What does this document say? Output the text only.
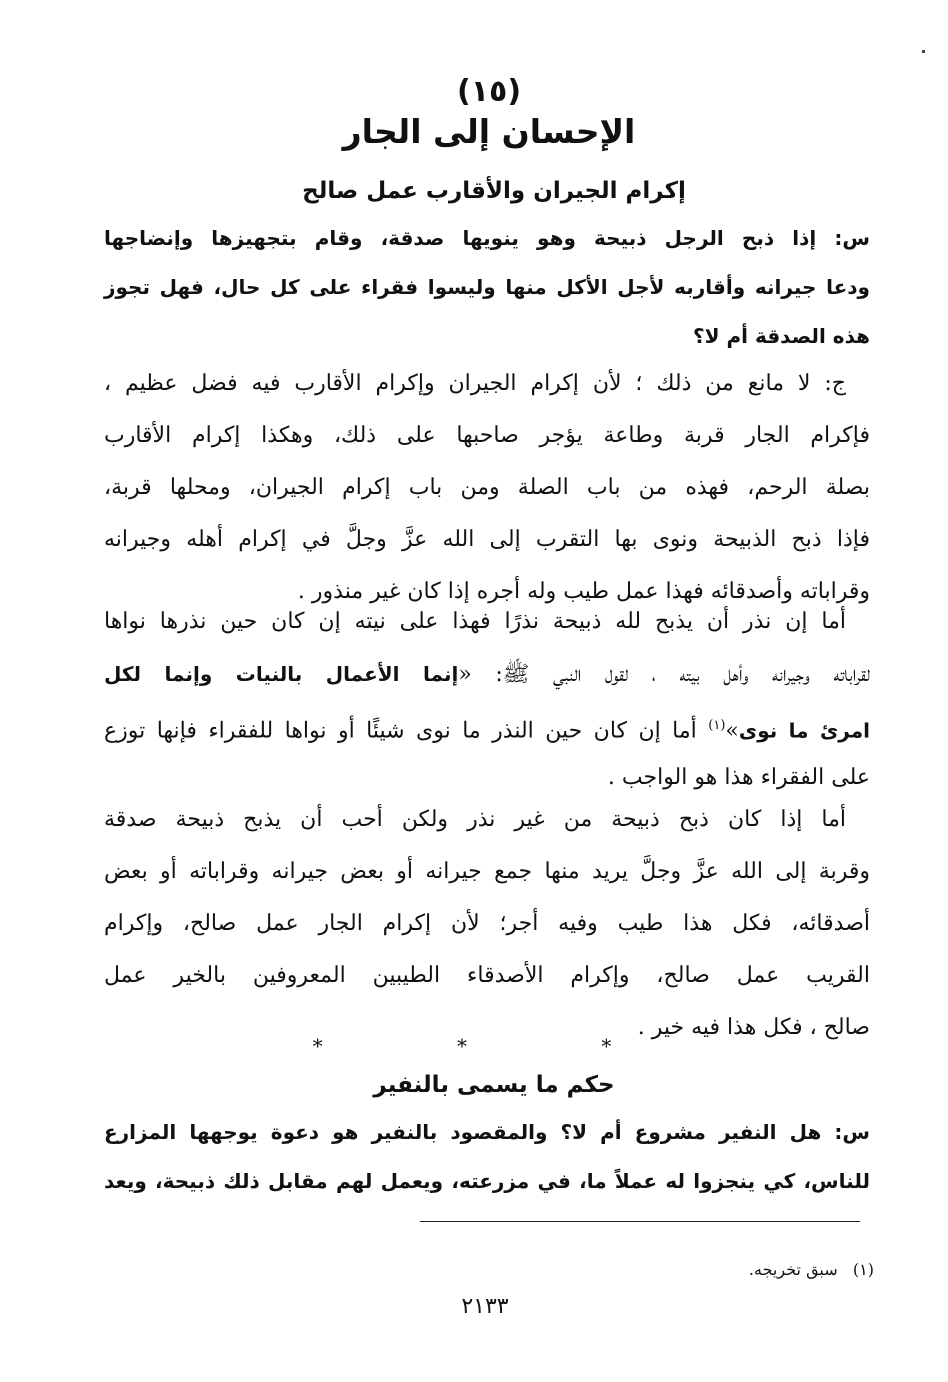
(١٥)
الإحسان إلى الجار
إكرام الجيران والأقارب عمل صالح
س: إذا ذبح الرجل ذبيحة وهو ينويها صدقة، وقام بتجهيزها وإنضاجها
ودعا جيرانه وأقاربه لأجل الأكل منها وليسوا فقراء على كل حال، فهل تجوز
هذه الصدقة أم لا؟
ج: لا مانع من ذلك ؛ لأن إكرام الجيران وإكرام الأقارب فيه فضل عظيم ،
فإكرام الجار قربة وطاعة يؤجر صاحبها على ذلك، وهكذا إكرام الأقارب
بصلة الرحم، فهذه من باب الصلة ومن باب إكرام الجيران، ومحلها قربة،
فإذا ذبح الذبيحة ونوى بها التقرب إلى الله عزَّ وجلَّ في إكرام أهله وجيرانه
وقراباته وأصدقائه فهذا عمل طيب وله أجره إذا كان غير منذور .
أما إن نذر أن يذبح لله ذبيحة نذرًا فهذا على نيته إن كان حين نذرها نواها
لقراباته وجيرانه وأهل بيته ، لقول النبي ﷺ: «إنما الأعمال بالنيات وإنما لكل
امرئ ما نوى»$^{(١)}$ أما إن كان حين النذر ما نوى شيئًا أو نواها للفقراء فإنها توزع
على الفقراء هذا هو الواجب .
أما إذا كان ذبح ذبيحة من غير نذر ولكن أحب أن يذبح ذبيحة صدقة
وقربة إلى الله عزَّ وجلَّ يريد منها جمع جيرانه أو بعض جيرانه وقراباته أو بعض
أصدقائه، فكل هذا طيب وفيه أجر؛ لأن إكرام الجار عمل صالح، وإكرام
القريب عمل صالح، وإكرام الأصدقاء الطيبين المعروفين بالخير عمل
صالح ، فكل هذا فيه خير .
* * *
حكم ما يسمى بالنفير
س: هل النفير مشروع أم لا؟ والمقصود بالنفير هو دعوة يوجهها المزارع
للناس، كي ينجزوا له عملاً ما، في مزرعته، ويعمل لهم مقابل ذلك ذبيحة، ويعد
(١)   سبق تخريجه.
٢١٣٣
